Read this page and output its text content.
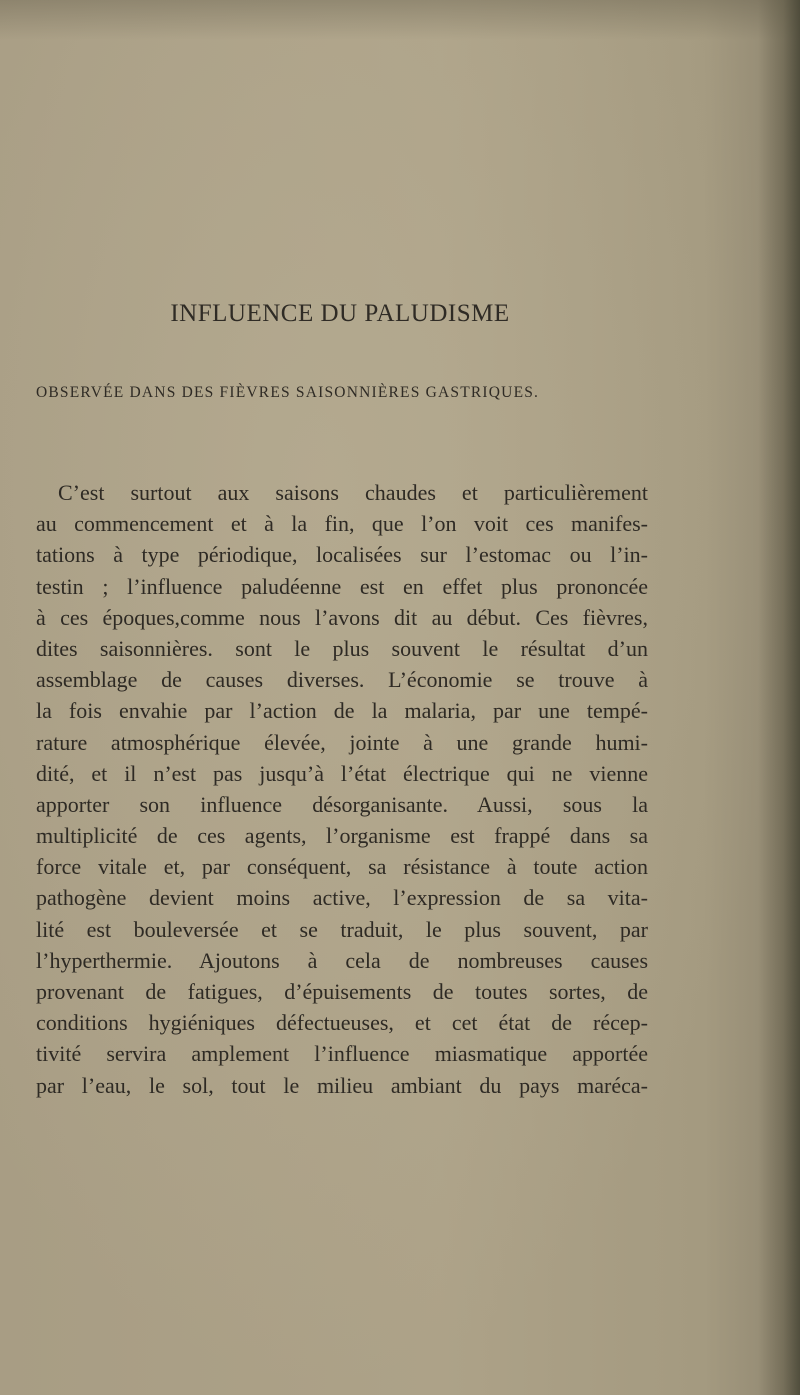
INFLUENCE DU PALUDISME
OBSERVÉE DANS DES FIÈVRES SAISONNIÈRES GASTRIQUES.
C’est surtout aux saisons chaudes et particulièrement
au commencement et à la fin, que l’on voit ces manifes-
tations à type périodique, localisées sur l’estomac ou l’in-
testin ; l’influence paludéenne est en effet plus prononcée
à ces époques,comme nous l’avons dit au début. Ces fièvres,
dites saisonnières. sont le plus souvent le résultat d’un
assemblage de causes diverses. L’économie se trouve à
la fois envahie par l’action de la malaria, par une tempé-
rature atmosphérique élevée, jointe à une grande humi-
dité, et il n’est pas jusqu’à l’état électrique qui ne vienne
apporter son influence désorganisante. Aussi, sous la
multiplicité de ces agents, l’organisme est frappé dans sa
force vitale et, par conséquent, sa résistance à toute action
pathogène devient moins active, l’expression de sa vita-
lité est bouleversée et se traduit, le plus souvent, par
l’hyperthermie. Ajoutons à cela de nombreuses causes
provenant de fatigues, d’épuisements de toutes sortes, de
conditions hygiéniques défectueuses, et cet état de récep-
tivité servira amplement l’influence miasmatique apportée
par l’eau, le sol, tout le milieu ambiant du pays maréca-
